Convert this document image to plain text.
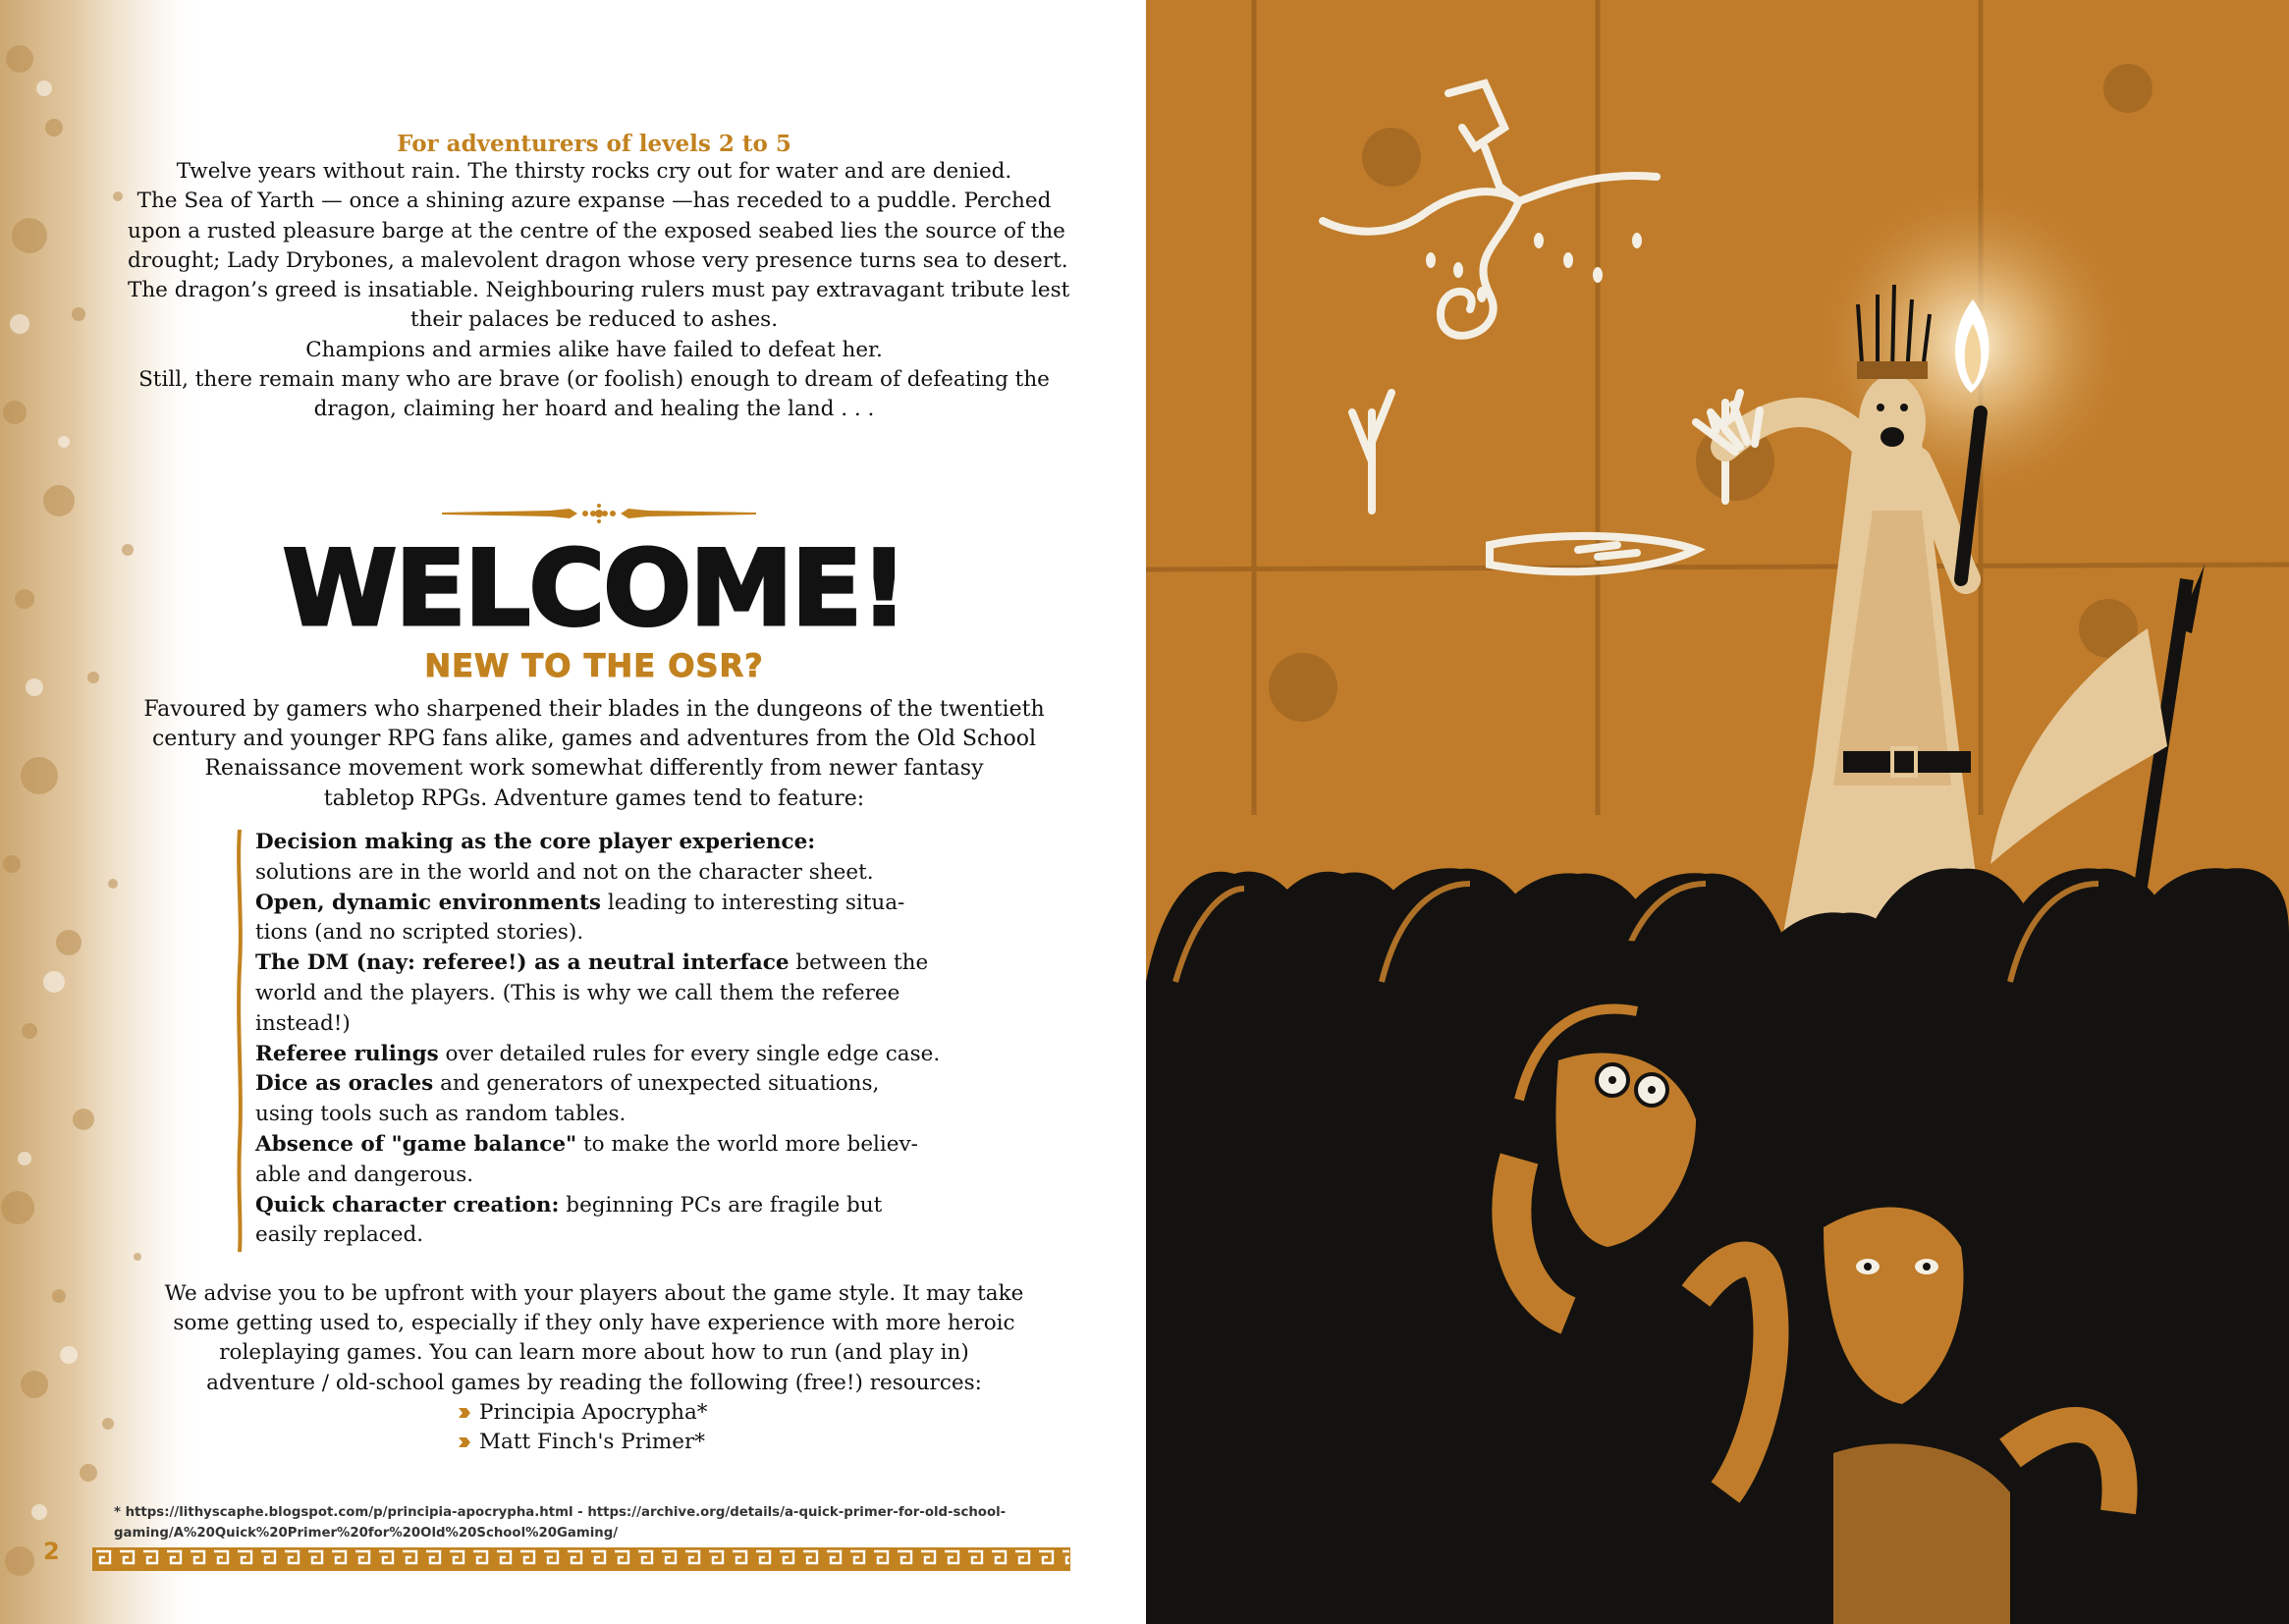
For adventurers of levels 2 to 5
Twelve years without rain. The thirsty rocks cry out for water and are denied.
The Sea of Yarth — once a shining azure expanse —has receded to a puddle. Perched
upon a rusted pleasure barge at the centre of the exposed seabed lies the source of the
drought; Lady Drybones, a malevolent dragon whose very presence turns sea to desert.
The dragon’s greed is insatiable. Neighbouring rulers must pay extravagant tribute lest
their palaces be reduced to ashes.
Champions and armies alike have failed to defeat her.
Still, there remain many who are brave (or foolish) enough to dream of defeating the
dragon, claiming her hoard and healing the land . . .
WELCOME!
NEW TO THE OSR?
Favoured by gamers who sharpened their blades in the dungeons of the twentieth
century and younger RPG fans alike, games and adventures from the Old School
Renaissance movement work somewhat differently from newer fantasy
tabletop RPGs. Adventure games tend to feature:
Decision making as the core player experience:
solutions are in the world and not on the character sheet.
Open, dynamic environments leading to interesting situa-
tions (and no scripted stories).
The DM (nay: referee!) as a neutral interface between the
world and the players. (This is why we call them the referee
instead!)
Referee rulings over detailed rules for every single edge case.
Dice as oracles and generators of unexpected situations,
using tools such as random tables.
Absence of "game balance" to make the world more believ-
able and dangerous.
Quick character creation: beginning PCs are fragile but
easily replaced.
We advise you to be upfront with your players about the game style. It may take
some getting used to, especially if they only have experience with more heroic
roleplaying games. You can learn more about how to run (and play in)
adventure / old-school games by reading the following (free!) resources:
Principia Apocrypha*
Matt Finch's Primer*
* https://lithyscaphe.blogspot.com/p/principia-apocrypha.html - https://archive.org/details/a-quick-primer-for-old-school-
gaming/A%20Quick%20Primer%20for%20Old%20School%20Gaming/
2
